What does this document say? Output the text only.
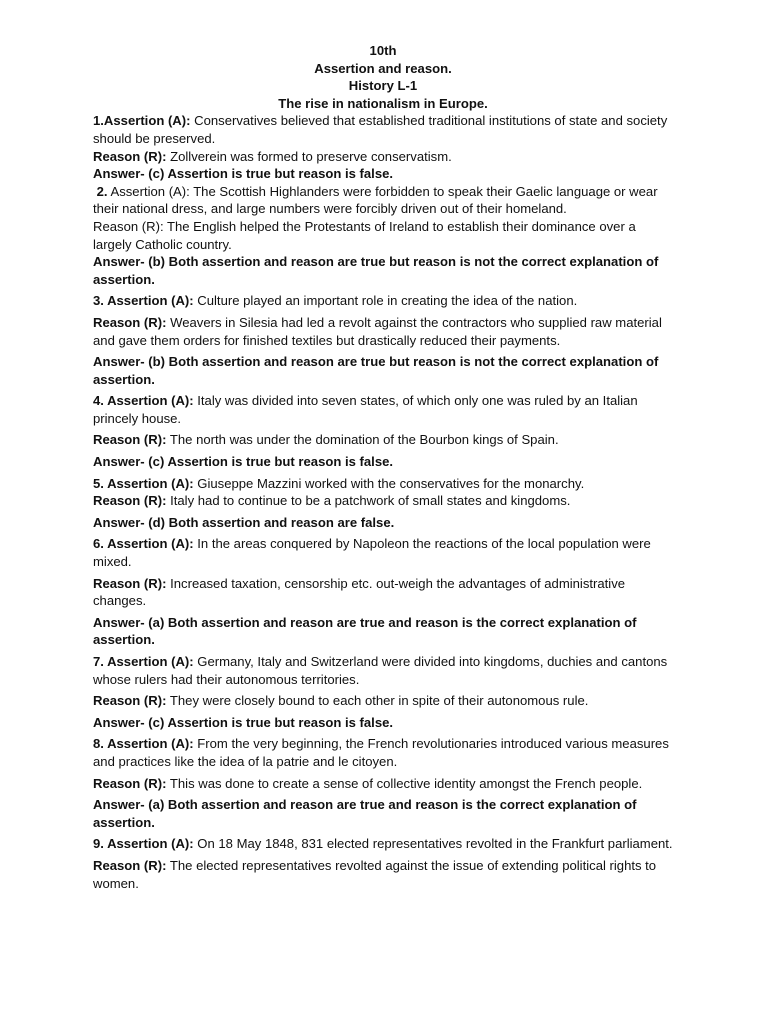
10th
Assertion and reason.
History L-1
The rise in nationalism in Europe.

1.Assertion (A): Conservatives believed that established traditional institutions of state and society should be preserved.

Reason (R): Zollverein was formed to preserve conservatism.

Answer- (c) Assertion is true but reason is false.

2. Assertion (A): The Scottish Highlanders were forbidden to speak their Gaelic language or wear their national dress, and large numbers were forcibly driven out of their homeland.

Reason (R): The English helped the Protestants of Ireland to establish their dominance over a largely Catholic country.

Answer- (b) Both assertion and reason are true but reason is not the correct explanation of assertion.

3. Assertion (A): Culture played an important role in creating the idea of the nation.

Reason (R): Weavers in Silesia had led a revolt against the contractors who supplied raw material and gave them orders for finished textiles but drastically reduced their payments.

Answer- (b) Both assertion and reason are true but reason is not the correct explanation of assertion.

4. Assertion (A): Italy was divided into seven states, of which only one was ruled by an Italian princely house.

Reason (R): The north was under the domination of the Bourbon kings of Spain.

Answer- (c) Assertion is true but reason is false.

5. Assertion (A): Giuseppe Mazzini worked with the conservatives for the monarchy.

Reason (R): Italy had to continue to be a patchwork of small states and kingdoms.

Answer- (d) Both assertion and reason are false.

6. Assertion (A): In the areas conquered by Napoleon the reactions of the local population were mixed.

Reason (R): Increased taxation, censorship etc. out-weigh the advantages of administrative changes.

Answer- (a) Both assertion and reason are true and reason is the correct explanation of assertion.

7. Assertion (A): Germany, Italy and Switzerland were divided into kingdoms, duchies and cantons whose rulers had their autonomous territories.

Reason (R): They were closely bound to each other in spite of their autonomous rule.

Answer- (c) Assertion is true but reason is false.

8. Assertion (A): From the very beginning, the French revolutionaries introduced various measures and practices like the idea of la patrie and le citoyen.

Reason (R): This was done to create a sense of collective identity amongst the French people.

Answer- (a) Both assertion and reason are true and reason is the correct explanation of assertion.

9. Assertion (A): On 18 May 1848, 831 elected representatives revolted in the Frankfurt parliament.

Reason (R): The elected representatives revolted against the issue of extending political rights to women.
